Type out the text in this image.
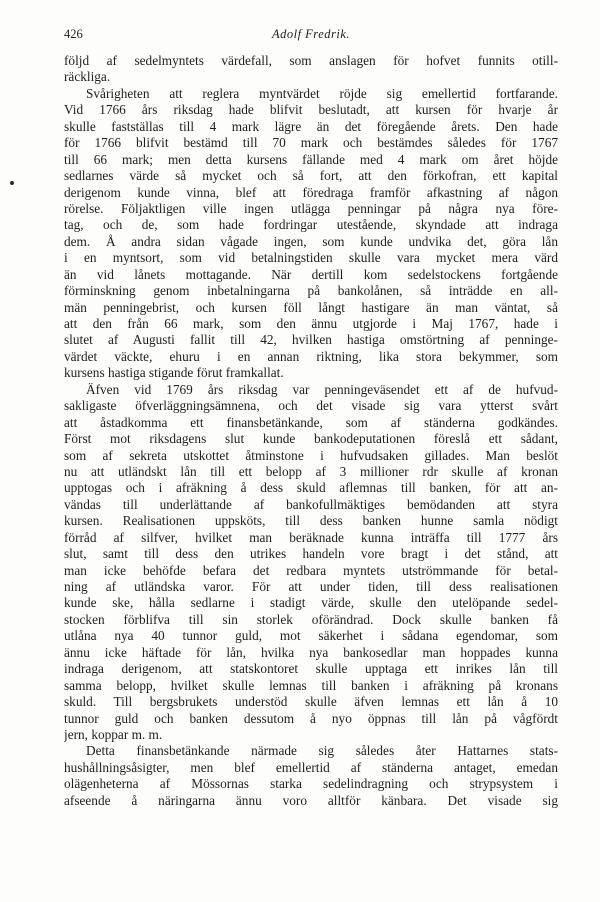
426	Adolf Fredrik.
följd af sedelmyntets värdefall, som anslagen för hofvet funnits otill-
räckliga.
Svårigheten att reglera myntvärdet röjde sig emellertid fortfarande.
Vid 1766 års riksdag hade blifvit beslutadt, att kursen för hvarje år
skulle fastställas till 4 mark lägre än det föregående årets. Den hade
för 1766 blifvit bestämd till 70 mark och bestämdes således för 1767
till 66 mark; men detta kursens fällande med 4 mark om året höjde
sedlarnes värde så mycket och så fort, att den förkofran, ett kapital
derigenom kunde vinna, blef att föredraga framför afkastning af någon
rörelse. Följaktligen ville ingen utlägga penningar på några nya före-
tag, och de, som hade fordringar utestående, skyndade att indraga
dem. Å andra sidan vågade ingen, som kunde undvika det, göra lån
i en myntsort, som vid betalningstiden skulle vara mycket mera värd
än vid lånets mottagande. När dertill kom sedelstockens fortgående
förminskning genom inbetalningarna på bankolånen, så inträdde en all-
män penningebrist, och kursen föll långt hastigare än man väntat, så
att den från 66 mark, som den ännu utgjorde i Maj 1767, hade i
slutet af Augusti fallit till 42, hvilken hastiga omstörtning af penninge-
värdet väckte, ehuru i en annan riktning, lika stora bekymmer, som
kursens hastiga stigande förut framkallat.
Äfven vid 1769 års riksdag var penningeväsendet ett af de hufvud-
sakligaste öfverläggningsämnena, och det visade sig vara ytterst svårt
att åstadkomma ett finansbetänkande, som af ständerna godkändes.
Först mot riksdagens slut kunde bankodeputationen föreslå ett sådant,
som af sekreta utskottet åtminstone i hufvudsaken gillades. Man beslöt
nu att utländskt lån till ett belopp af 3 millioner rdr skulle af kronan
upptogas och i afräkning å dess skuld aflemnas till banken, för att an-
vändas till underlättande af bankofullmäktiges bemödanden att styra
kursen. Realisationen uppsköts, till dess banken hunne samla nödigt
förråd af silfver, hvilket man beräknade kunna inträffa till 1777 års
slut, samt till dess den utrikes handeln vore bragt i det stånd, att
man icke behöfde befara det redbara myntets utströmmande för betal-
ning af utländska varor. För att under tiden, till dess realisationen
kunde ske, hålla sedlarne i stadigt värde, skulle den utelöpande sedel-
stocken förblifva till sin storlek oförändrad. Dock skulle banken få
utlåna nya 40 tunnor guld, mot säkerhet i sådana egendomar, som
ännu icke häftade för lån, hvilka nya bankosedlar man hoppades kunna
indraga derigenom, att statskontoret skulle upptaga ett inrikes lån till
samma belopp, hvilket skulle lemnas till banken i afräkning på kronans
skuld. Till bergsbrukets understöd skulle äfven lemnas ett lån å 10
tunnor guld och banken dessutom å nyo öppnas till lån på vågfördt
jern, koppar m. m.
Detta finansbetänkande närmade sig således åter Hattarnes stats-
hushållningsåsigter, men blef emellertid af ständerna antaget, emedan
olägenheterna af Mössornas starka sedelindragning och strypsystem i
afseende å näringarna ännu voro alltför känbara. Det visade sig
